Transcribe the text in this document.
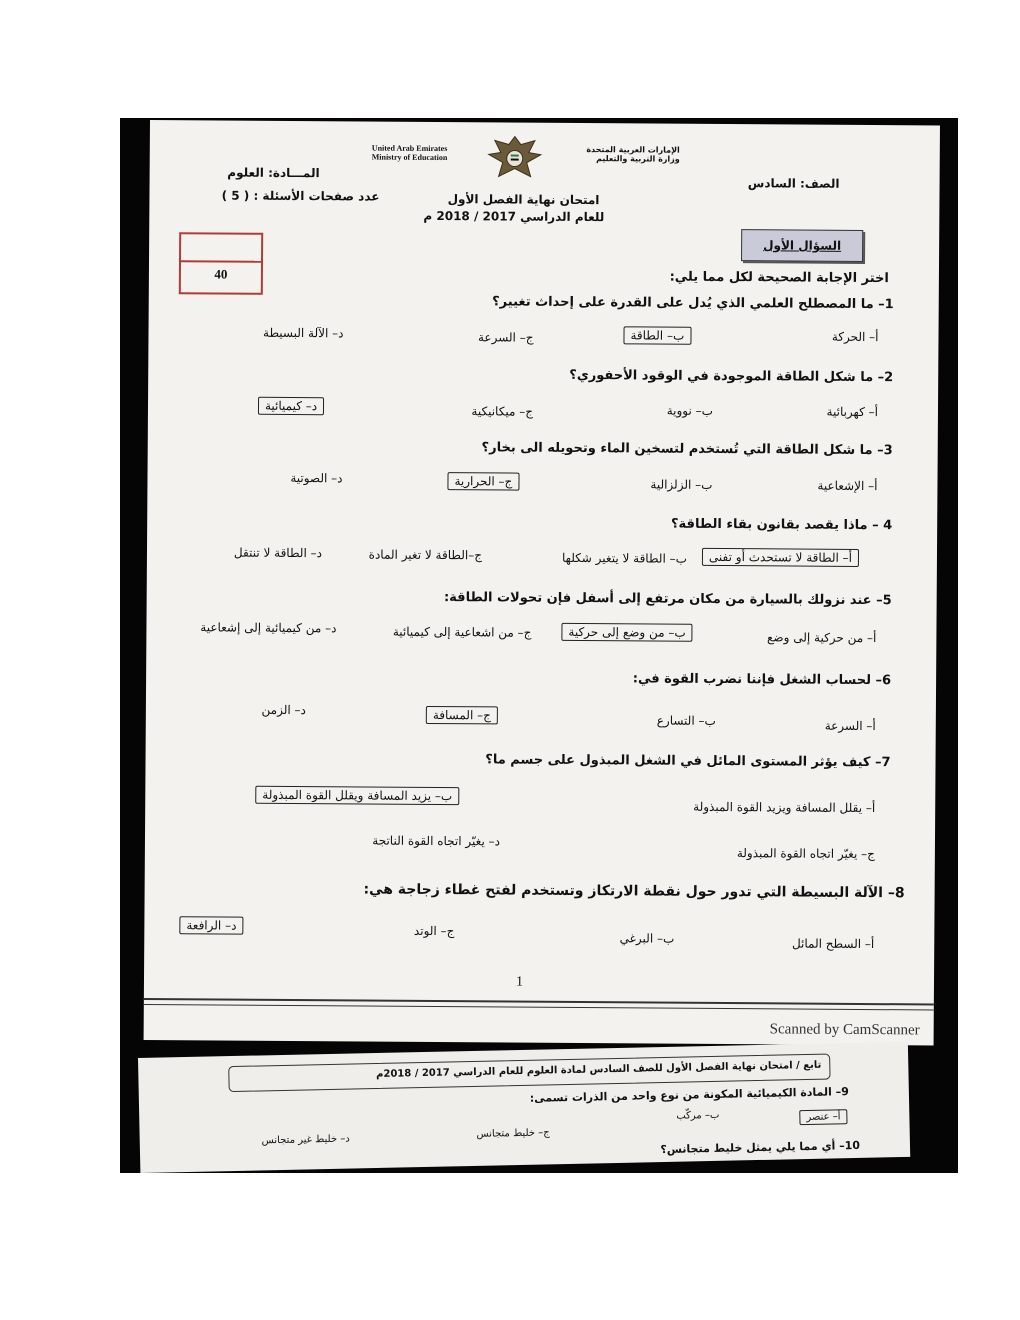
United Arab Emirates
Ministry of Education
الإمارات العربية المتحدة
وزارة التربية والتعليم
المـــادة: العلوم
عدد صفحات الأسئلة : ( 5 )
الصف: السادس
امتحان نهاية الفصل الأول
للعام الدراسي 2017 / 2018 م
40
السؤال الأول
اختر الإجابة الصحيحة لكل مما يلي:
1– ما المصطلح العلمي الذي يُدل على القدرة على إحداث تغيير؟
أ– الحركة
ب– الطاقة
ج– السرعة
د– الآلة البسيطة
2– ما شكل الطاقة الموجودة في الوقود الأحفوري؟
أ– كهربائية
ب– نووية
ج– ميكانيكية
د– كيميائية
3– ما شكل الطاقة التي تُستخدم لتسخين الماء وتحويله الى بخار؟
أ– الإشعاعية
ب– الزلزالية
ج– الحرارية
د– الصوتية
4 – ماذا يقصد بقانون بقاء الطاقة؟
أ– الطاقة لا تستحدث أو تفنى
ب– الطاقة لا يتغير شكلها
ج–الطاقة لا تغير المادة
د– الطاقة لا تنتقل
5– عند نزولك بالسيارة من مكان مرتفع إلى أسفل فإن تحولات الطاقة:
أ– من حركية إلى وضع
ب– من وضع إلى حركية
ج– من اشعاعية إلى كيميائية
د– من كيميائية إلى إشعاعية
6– لحساب الشغل فإننا نضرب القوة في:
أ– السرعة
ب– التسارع
ج– المسافة
د– الزمن
7– كيف يؤثر المستوى المائل في الشغل المبذول على جسم ما؟
أ– يقلل المسافة ويزيد القوة المبذولة
ب– يزيد المسافة ويقلل القوة المبذولة
ج– يغيّر اتجاه القوة المبذولة
د– يغيّر اتجاه القوة الناتجة
8– الآلة البسيطة التي تدور حول نقطة الارتكاز وتستخدم لفتح غطاء زجاجة هي:
أ– السطح المائل
ب– البرغي
ج– الوتد
د– الرافعة
1
Scanned by CamScanner
تابع / امتحان نهاية الفصل الأول للصف السادس لمادة العلوم للعام الدراسي 2017 / 2018م
9– المادة الكيميائية المكونة من نوع واحد من الذرات تسمى:
أ– عنصر
ب– مركّب
ج– خليط متجانس
د– خليط غير متجانس	10– أي مما يلي يمثل خليط متجانس؟
